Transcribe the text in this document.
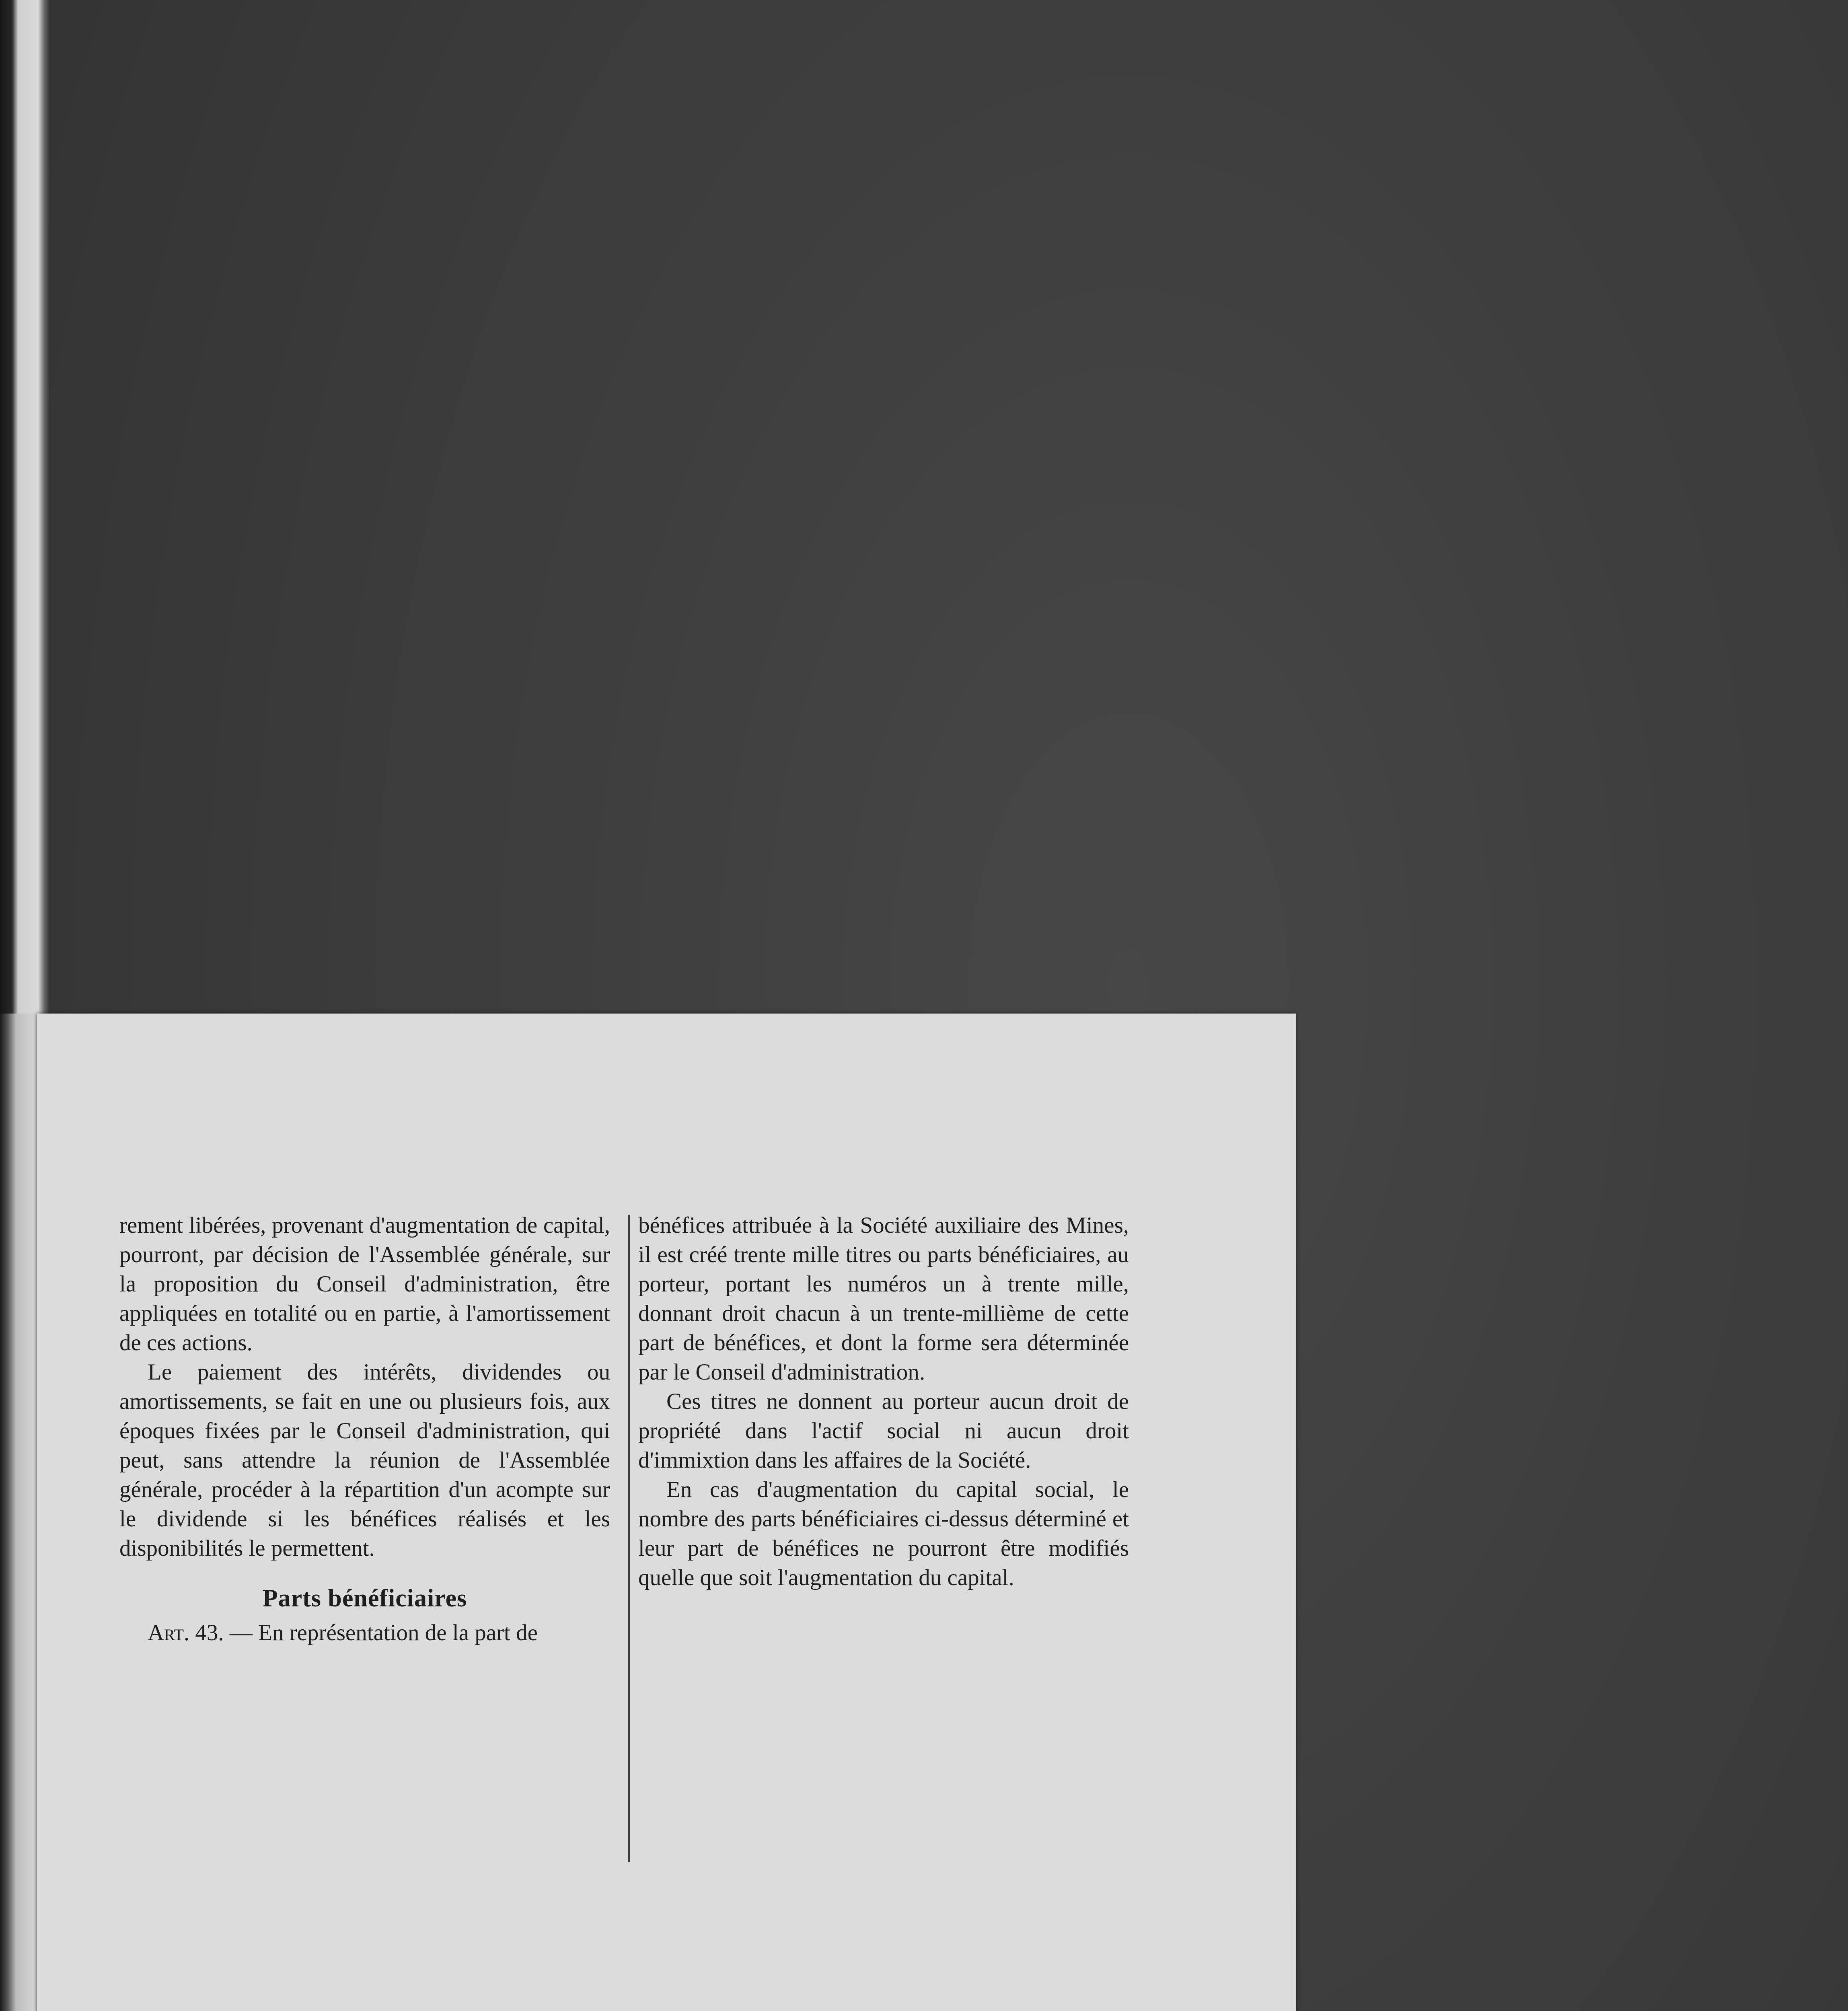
rement libérées, provenant d'augmentation de capital, pourront, par décision de l'Assemblée générale, sur la proposition du Conseil d'administration, être appliquées en totalité ou en partie, à l'amortissement de ces actions.

Le paiement des intérêts, dividendes ou amortissements, se fait en une ou plusieurs fois, aux époques fixées par le Conseil d'administration, qui peut, sans attendre la réunion de l'Assemblée générale, procéder à la répartition d'un acompte sur le dividende si les bénéfices réalisés et les disponibilités le permettent.

Parts bénéficiaires

Art. 43. — En représentation de la part de

bénéfices attribuée à la Société auxiliaire des Mines, il est créé trente mille titres ou parts bénéficiaires, au porteur, portant les numéros un à trente mille, donnant droit chacun à un trente-millième de cette part de bénéfices, et dont la forme sera déterminée par le Conseil d'administration.

Ces titres ne donnent au porteur aucun droit de propriété dans l'actif social ni aucun droit d'immixtion dans les affaires de la Société.

En cas d'augmentation du capital social, le nombre des parts bénéficiaires ci-dessus déterminé et leur part de bénéfices ne pourront être modifiés quelle que soit l'augmentation du capital.
